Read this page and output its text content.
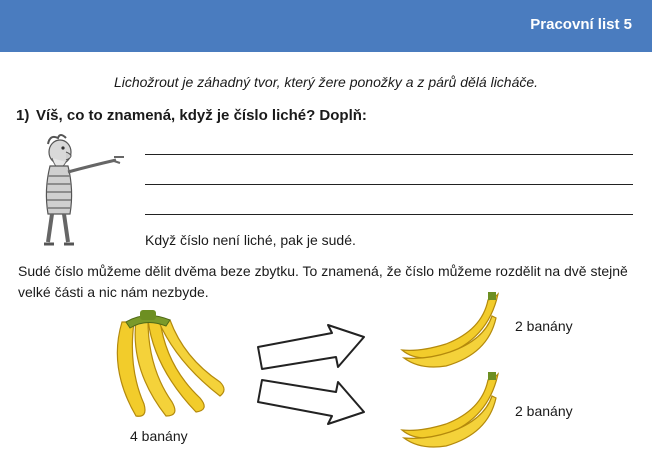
Pracovní list 5
Lichožrout je záhadný tvor, který žere ponožky a z párů dělá licháče.
1) Víš, co to znamená, když je číslo liché? Doplň:
Když číslo není liché, pak je sudé.
Sudé číslo můžeme dělit dvěma beze zbytku. To znamená, že číslo můžeme rozdělit na dvě stejně velké části a nic nám nezbyde.
4 banány
2 banány
2 banány
